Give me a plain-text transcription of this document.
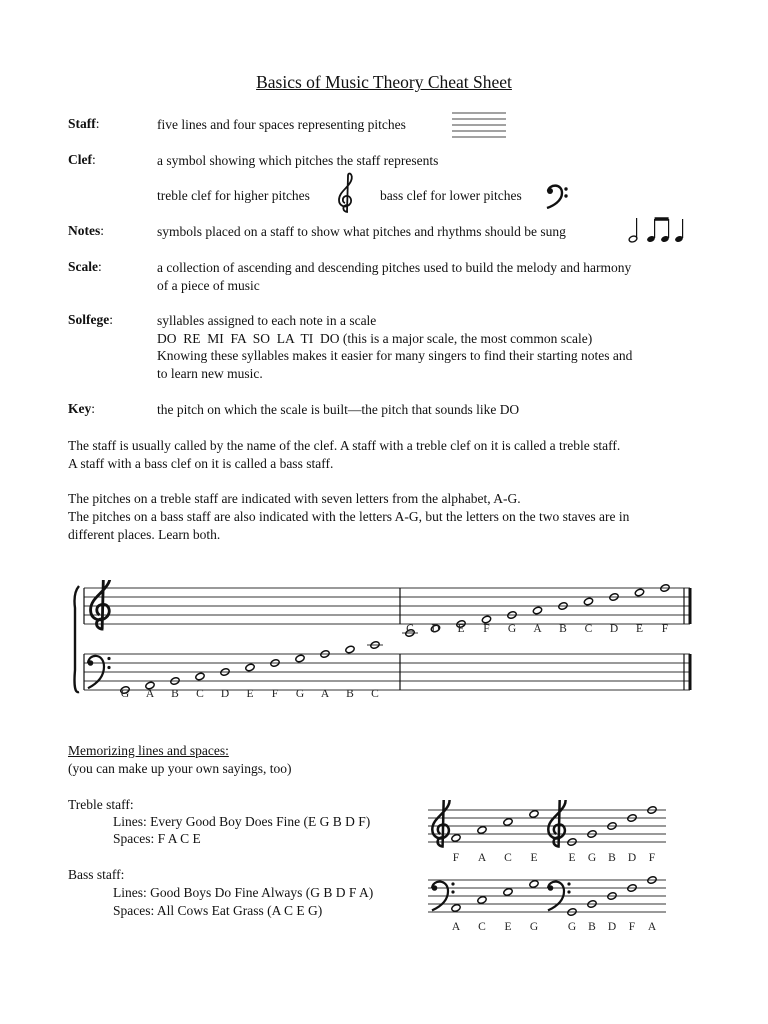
Basics of Music Theory Cheat Sheet
Staff:	five lines and four spaces representing pitches
Clef:	a symbol showing which pitches the staff represents
treble clef for higher pitches	bass clef for lower pitches
Notes:	symbols placed on a staff to show what pitches and rhythms should be sung
Scale:	a collection of ascending and descending pitches used to build the melody and harmony
of a piece of music
Solfege:	syllables assigned to each note in a scale
DO  RE  MI  FA  SO  LA  TI  DO (this is a major scale, the most common scale)
Knowing these syllables makes it easier for many singers to find their starting notes and
to learn new music.
Key:	the pitch on which the scale is built—the pitch that sounds like DO
The staff is usually called by the name of the clef. A staff with a treble clef on it is called a treble staff.
A staff with a bass clef on it is called a bass staff.
The pitches on a treble staff are indicated with seven letters from the alphabet, A-G.
The pitches on a bass staff are also indicated with the letters A-G, but the letters on the two staves are in
different places. Learn both.
C D E F G A B C D E F
G A B C D E F G A B C
Memorizing lines and spaces:
(you can make up your own sayings, too)
Treble staff:
Lines: Every Good Boy Does Fine (E G B D F)
Spaces: F A C E
Bass staff:
Lines: Good Boys Do Fine Always (G B D F A)
Spaces: All Cows Eat Grass (A C E G)
F A C E	E G B D F
A C E G	G B D F A
